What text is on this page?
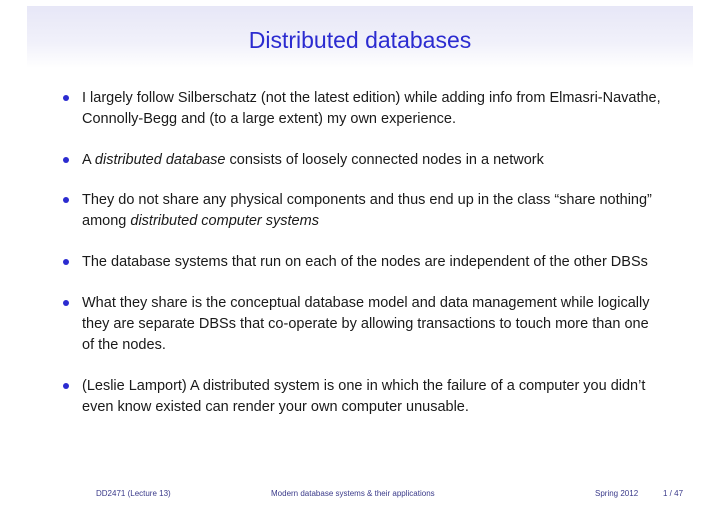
Distributed databases
I largely follow Silberschatz (not the latest edition) while adding info from Elmasri-Navathe, Connolly-Begg and (to a large extent) my own experience.
A distributed database consists of loosely connected nodes in a network
They do not share any physical components and thus end up in the class “share nothing” among distributed computer systems
The database systems that run on each of the nodes are independent of the other DBSs
What they share is the conceptual database model and data management while logically they are separate DBSs that co-operate by allowing transactions to touch more than one of the nodes.
(Leslie Lamport) A distributed system is one in which the failure of a computer you didn’t even know existed can render your own computer unusable.
DD2471 (Lecture 13)	Modern database systems & their applications	Spring 2012	1 / 47
